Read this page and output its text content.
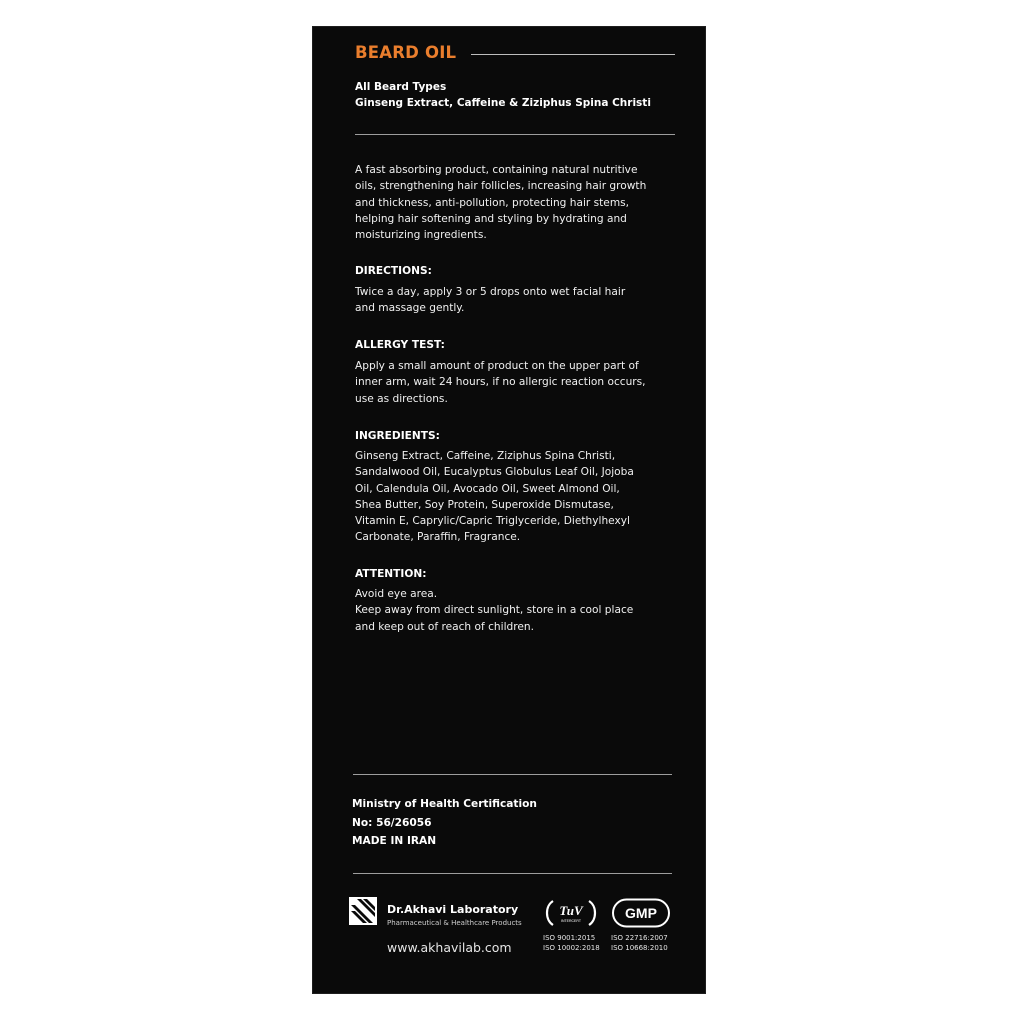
BEARD OIL
All Beard Types
Ginseng Extract, Caffeine & Ziziphus Spina Christi

A fast absorbing product, containing natural nutritive

oils, strengthening hair follicles, increasing hair growth

and thickness, anti-pollution, protecting hair stems,

helping hair softening and styling by hydrating and

moisturizing ingredients.

DIRECTIONS:

Twice a day, apply 3 or 5 drops onto wet facial hair

and massage gently.

ALLERGY TEST:

Apply a small amount of product on the upper part of

inner arm, wait 24 hours, if no allergic reaction occurs,

use as directions.

INGREDIENTS:

Ginseng Extract, Caffeine, Ziziphus Spina Christi,

Sandalwood Oil, Eucalyptus Globulus Leaf Oil, Jojoba

Oil, Calendula Oil, Avocado Oil, Sweet Almond Oil,

Shea Butter, Soy Protein, Superoxide Dismutase,

Vitamin E, Caprylic/Capric Triglyceride, Diethylhexyl

Carbonate, Paraffin, Fragrance.

ATTENTION:

Avoid eye area.

Keep away from direct sunlight, store in a cool place

and keep out of reach of children.

Ministry of Health Certification
No: 56/26056
MADE IN IRAN
Dr.Akhavi Laboratory
Pharmaceutical & Healthcare Products
www.akhavilab.com
TuV
INTERCERT	GMP
ISO 9001:2015
ISO 10002:2018
ISO 22716:2007
ISO 10668:2010
